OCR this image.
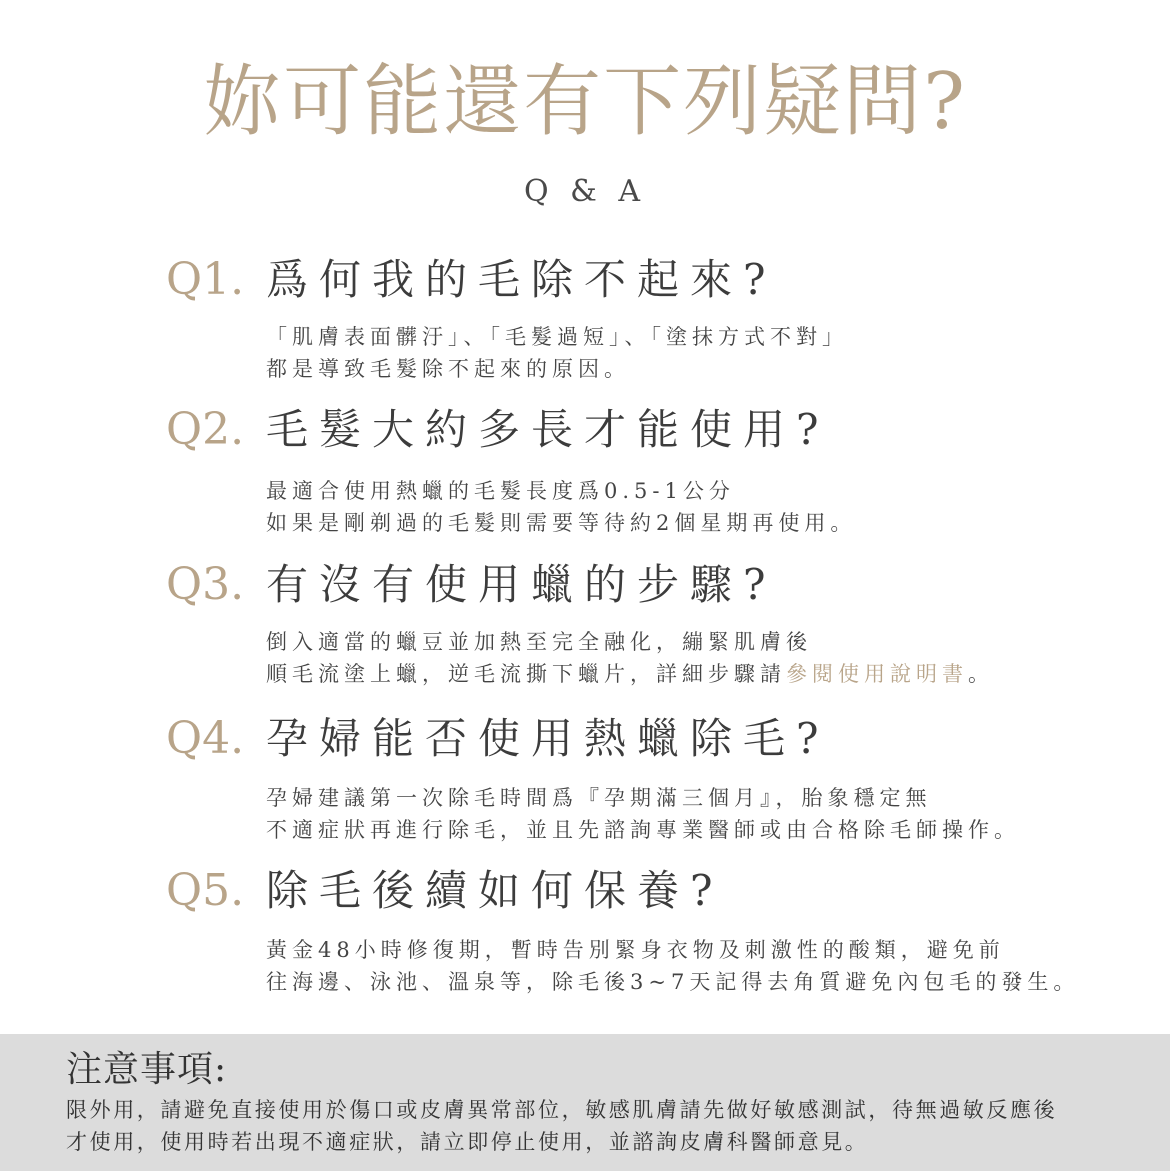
妳可能還有下列疑問?
Q & A
Q1. 爲何我的毛除不起來?
「肌膚表面髒汙」、「毛髮過短」、「塗抹方式不對」
都是導致毛髮除不起來的原因。
Q2. 毛髮大約多長才能使用?
最適合使用熱蠟的毛髮長度爲0.5-1公分
如果是剛剃過的毛髮則需要等待約2個星期再使用。
Q3. 有沒有使用蠟的步驟?
倒入適當的蠟豆並加熱至完全融化，繃緊肌膚後
順毛流塗上蠟，逆毛流撕下蠟片，詳細步驟請參閱使用說明書。
Q4. 孕婦能否使用熱蠟除毛?
孕婦建議第一次除毛時間爲『孕期滿三個月』，胎象穩定無
不適症狀再進行除毛，並且先諮詢專業醫師或由合格除毛師操作。
Q5. 除毛後續如何保養?
黃金48小時修復期，暫時告別緊身衣物及刺激性的酸類，避免前
往海邊、泳池、溫泉等，除毛後3~7天記得去角質避免內包毛的發生。
注意事項:
限外用，請避免直接使用於傷口或皮膚異常部位，敏感肌膚請先做好敏感測試，待無過敏反應後
才使用，使用時若出現不適症狀，請立即停止使用，並諮詢皮膚科醫師意見。
